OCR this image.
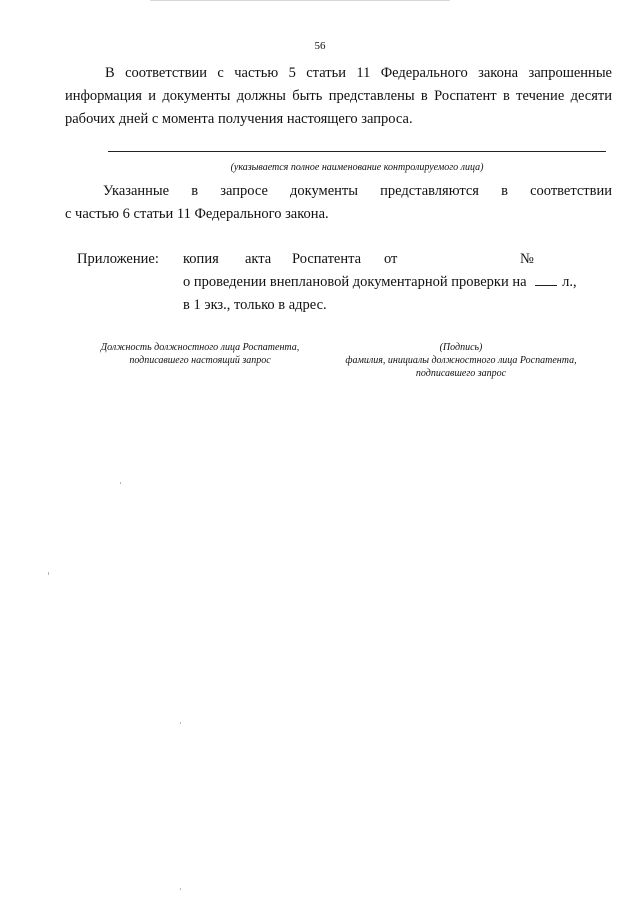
56
В соответствии с частью 5 статьи 11 Федерального закона запрошенные информация и документы должны быть представлены в Роспатент в течение десяти рабочих дней с момента получения настоящего запроса.
(указывается полное наименование контролируемого лица)
Указанные в запросе документы представляются в соответствии
с частью 6 статьи 11 Федерального закона.
Приложение: копия акта Роспатента от	№
о проведении внеплановой документарной проверки на л.,
в 1 экз., только в адрес.
Должность должностного лица Роспатента,
подписавшего настоящий запрос
(Подпись)
фамилия, инициалы должностного лица Роспатента,
подписавшего запрос
